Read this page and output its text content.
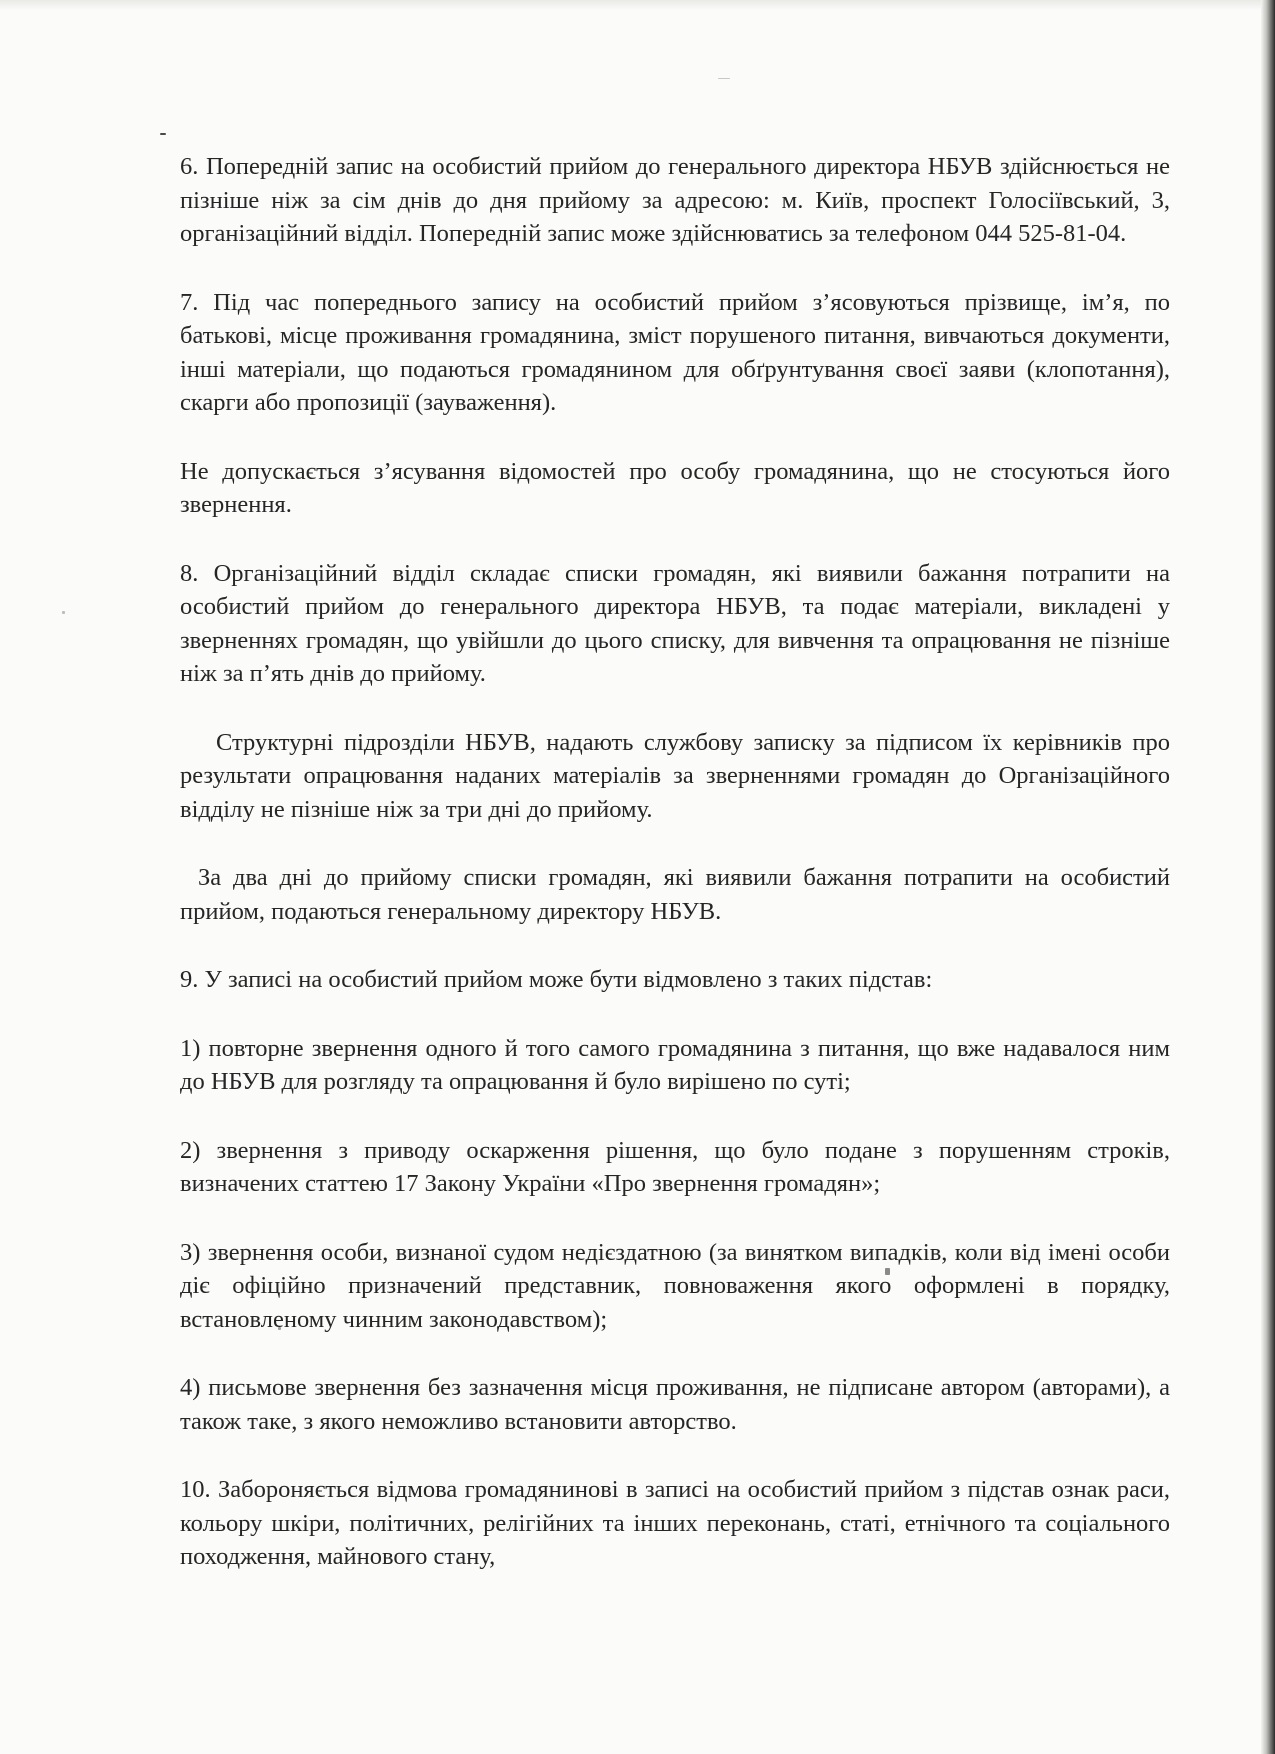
6. Попередній запис на особистий прийом до генерального директора НБУВ здійснюється не пізніше ніж за сім днів до дня прийому за адресою: м. Київ, проспект Голосіївський, 3, організаційний відділ. Попередній запис може здійснюватись за телефоном 044 525-81-04.

7. Під час попереднього запису на особистий прийом з’ясовуються прізвище, ім’я, по батькові, місце проживання громадянина, зміст порушеного питання, вивчаються документи, інші матеріали, що подаються громадянином для обґрунтування своєї заяви (клопотання), скарги або пропозиції (зауваження).

Не допускається з’ясування відомостей про особу громадянина, що не стосуються його звернення.

8. Організаційний відділ складає списки громадян, які виявили бажання потрапити на особистий прийом до генерального директора НБУВ, та подає матеріали, викладені у зверненнях громадян, що увійшли до цього списку, для вивчення та опрацювання не пізніше ніж за п’ять днів до прийому.

Структурні підрозділи НБУВ, надають службову записку за підписом їх керівників про результати опрацювання наданих матеріалів за зверненнями громадян до Організаційного відділу не пізніше ніж за три дні до прийому.

За два дні до прийому списки громадян, які виявили бажання потрапити на особистий прийом, подаються генеральному директору НБУВ.

9. У записі на особистий прийом може бути відмовлено з таких підстав:

1) повторне звернення одного й того самого громадянина з питання, що вже надавалося ним до НБУВ для розгляду та опрацювання й було вирішено по суті;

2) звернення з приводу оскарження рішення, що було подане з порушенням строків, визначених статтею 17 Закону України «Про звернення громадян»;

3) звернення особи, визнаної судом недієздатною (за винятком випадків, коли від імені особи діє офіційно призначений представник, повноваження якого оформлені в порядку, встановленому чинним законодавством);

4) письмове звернення без зазначення місця проживання, не підписане автором (авторами), а також таке, з якого неможливо встановити авторство.

10. Забороняється відмова громадянинові в записі на особистий прийом з підстав ознак раси, кольору шкіри, політичних, релігійних та інших переконань, статі, етнічного та соціального походження, майнового стану,
